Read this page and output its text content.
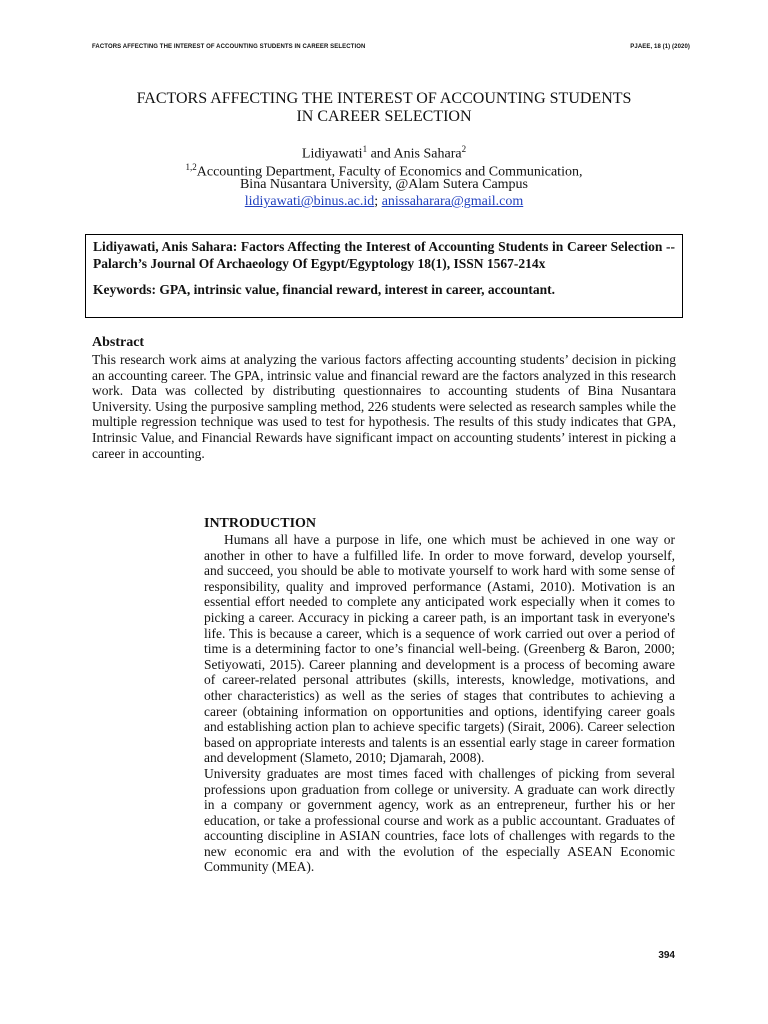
FACTORS AFFECTING THE INTEREST OF ACCOUNTING STUDENTS IN CAREER SELECTION	PJAEE, 18 (1) (2020)
FACTORS AFFECTING THE INTEREST OF ACCOUNTING STUDENTS
IN CAREER SELECTION
Lidiyawati$^1$ and Anis Sahara$^2$
$^{1,2}$Accounting Department, Faculty of Economics and Communication,
Bina Nusantara University, @Alam Sutera Campus
lidiyawati@binus.ac.id; anissaharara@gmail.com
Lidiyawati, Anis Sahara: Factors Affecting the Interest of Accounting Students in Career Selection -- Palarch’s Journal Of Archaeology Of Egypt/Egyptology 18(1), ISSN 1567-214x
Keywords: GPA, intrinsic value, financial reward, interest in career, accountant.
Abstract
This research work aims at analyzing the various factors affecting accounting students’ decision in picking an accounting career. The GPA, intrinsic value and financial reward are the factors analyzed in this research work. Data was collected by distributing questionnaires to accounting students of Bina Nusantara University. Using the purposive sampling method, 226 students were selected as research samples while the multiple regression technique was used to test for hypothesis. The results of this study indicates that GPA, Intrinsic Value, and Financial Rewards have significant impact on accounting students’ interest in picking a career in accounting.
INTRODUCTION

Humans all have a purpose in life, one which must be achieved in one way or another in other to have a fulfilled life. In order to move forward, develop yourself, and succeed, you should be able to motivate yourself to work hard with some sense of responsibility, quality and improved performance (Astami, 2010). Motivation is an essential effort needed to complete any anticipated work especially when it comes to picking a career. Accuracy in picking a career path, is an important task in everyone's life. This is because a career, which is a sequence of work carried out over a period of time is a determining factor to one’s financial well-being. (Greenberg & Baron, 2000; Setiyowati, 2015). Career planning and development is a process of becoming aware of career-related personal attributes (skills, interests, knowledge, motivations, and other characteristics) as well as the series of stages that contributes to achieving a career (obtaining information on opportunities and options, identifying career goals and establishing action plan to achieve specific targets) (Sirait, 2006). Career selection based on appropriate interests and talents is an essential early stage in career formation and development (Slameto, 2010; Djamarah, 2008).

University graduates are most times faced with challenges of picking from several professions upon graduation from college or university. A graduate can work directly in a company or government agency, work as an entrepreneur, further his or her education, or take a professional course and work as a public accountant. Graduates of accounting discipline in ASIAN countries, face lots of challenges with regards to the new economic era and with the evolution of the especially ASEAN Economic Community (MEA).

394
